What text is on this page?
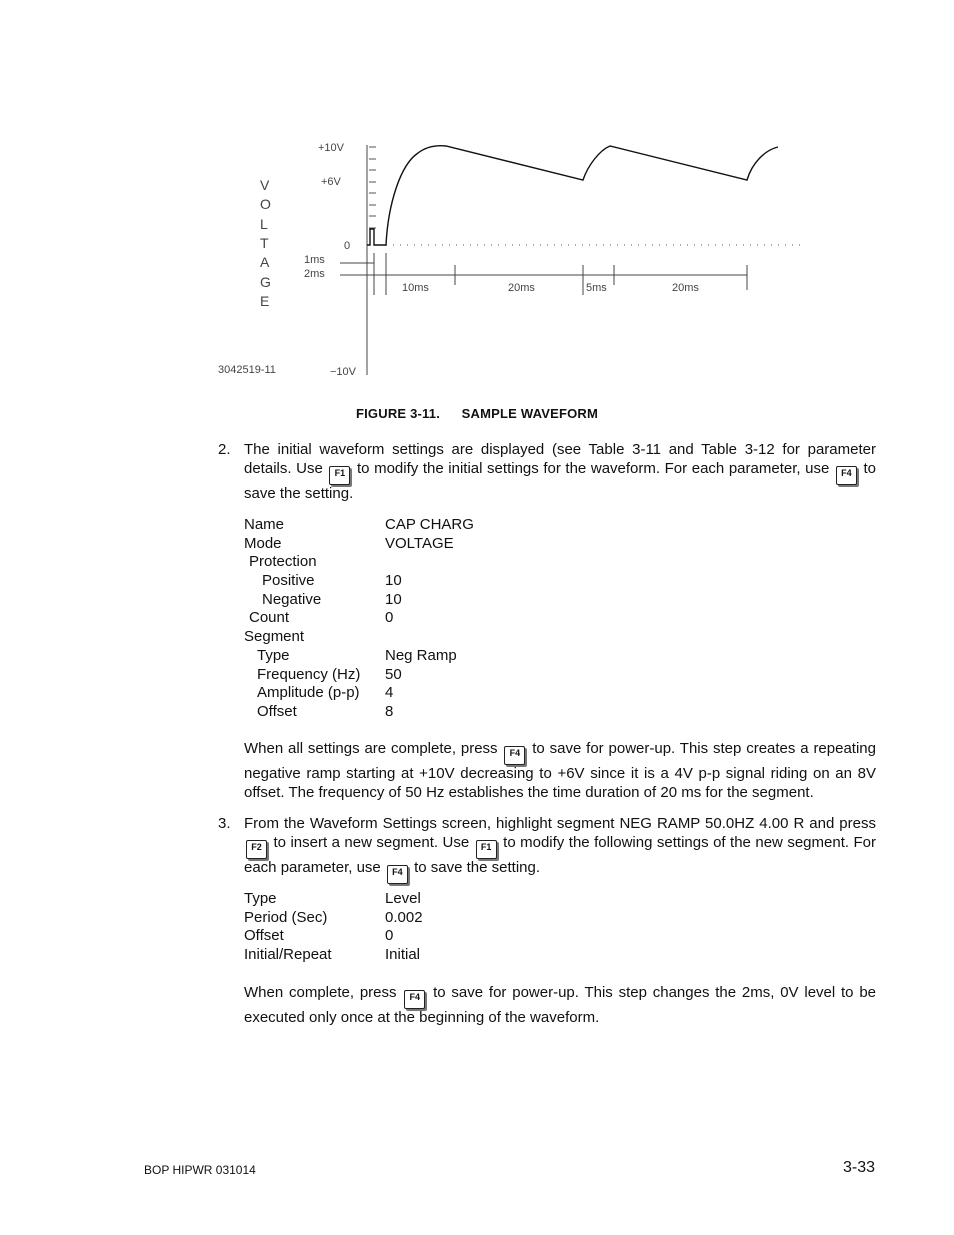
+10V
+6V
0
−10V
V
O
L
T
A
G
E
1ms
2ms
10ms	20ms	5ms	20ms
3042519-11
FIGURE 3-11. SAMPLE WAVEFORM
2. The initial waveform settings are displayed (see Table 3-11 and Table 3-12 for parameter details. Use F1 to modify the initial settings for the waveform. For each parameter, use F4 to save the setting.
Name	CAP CHARG
Mode	VOLTAGE
Protection
Positive	10
Negative	10
Count	0
Segment
Type	Neg Ramp
Frequency (Hz)	50
Amplitude (p-p)	4
Offset	8
When all settings are complete, press F4 to save for power-up. This step creates a repeating negative ramp starting at +10V decreasing to +6V since it is a 4V p-p signal riding on an 8V offset. The frequency of 50 Hz establishes the time duration of 20 ms for the segment.
3. From the Waveform Settings screen, highlight segment NEG RAMP 50.0HZ 4.00 R and press F2 to insert a new segment. Use F1 to modify the following settings of the new segment. For each parameter, use F4 to save the setting.
Type	Level
Period (Sec)	0.002
Offset	0
Initial/Repeat	Initial
When complete, press F4 to save for power-up. This step changes the 2ms, 0V level to be executed only once at the beginning of the waveform.
BOP HIPWR 031014	3-33
